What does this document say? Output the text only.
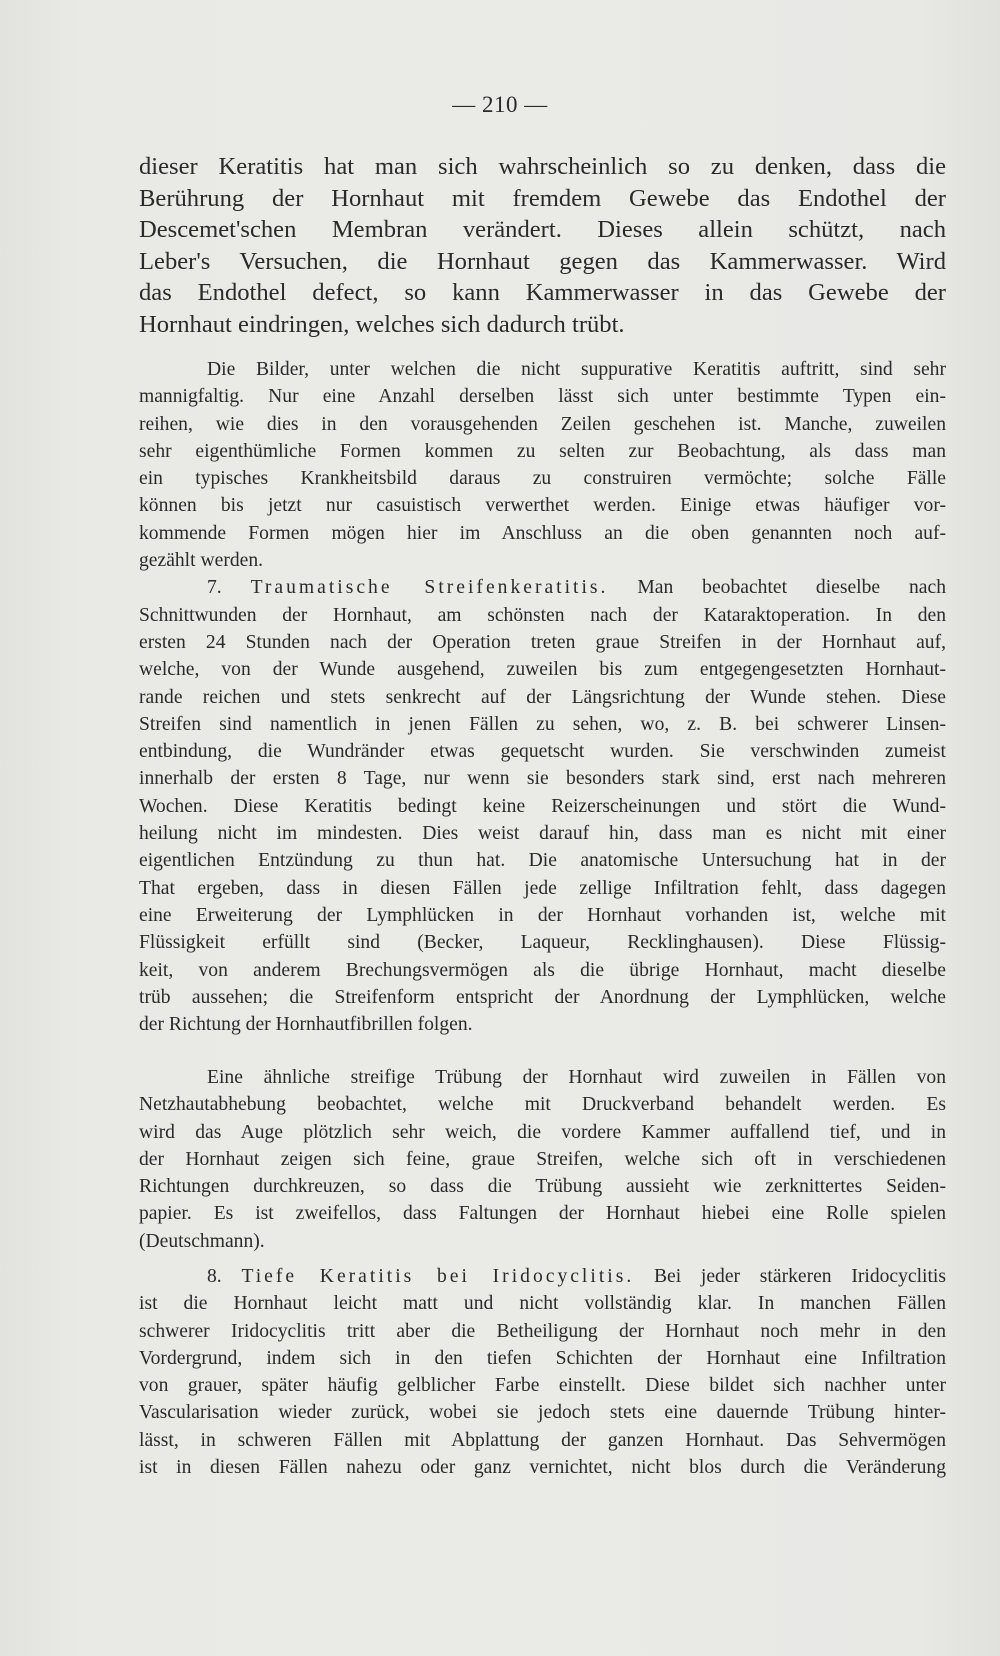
— 210 —

dieser Keratitis hat man sich wahrscheinlich so zu denken, dass die

Berührung der Hornhaut mit fremdem Gewebe das Endothel der

Descemet'schen Membran verändert. Dieses allein schützt, nach

Leber's Versuchen, die Hornhaut gegen das Kammerwasser. Wird

das Endothel defect, so kann Kammerwasser in das Gewebe der

Hornhaut eindringen, welches sich dadurch trübt.

Die Bilder, unter welchen die nicht suppurative Keratitis auftritt, sind sehr

mannigfaltig. Nur eine Anzahl derselben lässt sich unter bestimmte Typen ein-

reihen, wie dies in den vorausgehenden Zeilen geschehen ist. Manche, zuweilen

sehr eigenthümliche Formen kommen zu selten zur Beobachtung, als dass man

ein typisches Krankheitsbild daraus zu construiren vermöchte; solche Fälle

können bis jetzt nur casuistisch verwerthet werden. Einige etwas häufiger vor-

kommende Formen mögen hier im Anschluss an die oben genannten noch auf-

gezählt werden.

7. Traumatische Streifenkeratitis. Man beobachtet dieselbe nach

Schnittwunden der Hornhaut, am schönsten nach der Kataraktoperation. In den

ersten 24 Stunden nach der Operation treten graue Streifen in der Hornhaut auf,

welche, von der Wunde ausgehend, zuweilen bis zum entgegengesetzten Hornhaut-

rande reichen und stets senkrecht auf der Längsrichtung der Wunde stehen. Diese

Streifen sind namentlich in jenen Fällen zu sehen, wo, z. B. bei schwerer Linsen-

entbindung, die Wundränder etwas gequetscht wurden. Sie verschwinden zumeist

innerhalb der ersten 8 Tage, nur wenn sie besonders stark sind, erst nach mehreren

Wochen. Diese Keratitis bedingt keine Reizerscheinungen und stört die Wund-

heilung nicht im mindesten. Dies weist darauf hin, dass man es nicht mit einer

eigentlichen Entzündung zu thun hat. Die anatomische Untersuchung hat in der

That ergeben, dass in diesen Fällen jede zellige Infiltration fehlt, dass dagegen

eine Erweiterung der Lymphlücken in der Hornhaut vorhanden ist, welche mit

Flüssigkeit erfüllt sind (Becker, Laqueur, Recklinghausen). Diese Flüssig-

keit, von anderem Brechungsvermögen als die übrige Hornhaut, macht dieselbe

trüb aussehen; die Streifenform entspricht der Anordnung der Lymphlücken, welche

der Richtung der Hornhautfibrillen folgen.

Eine ähnliche streifige Trübung der Hornhaut wird zuweilen in Fällen von

Netzhautabhebung beobachtet, welche mit Druckverband behandelt werden. Es

wird das Auge plötzlich sehr weich, die vordere Kammer auffallend tief, und in

der Hornhaut zeigen sich feine, graue Streifen, welche sich oft in verschiedenen

Richtungen durchkreuzen, so dass die Trübung aussieht wie zerknittertes Seiden-

papier. Es ist zweifellos, dass Faltungen der Hornhaut hiebei eine Rolle spielen

(Deutschmann).

8. Tiefe Keratitis bei Iridocyclitis. Bei jeder stärkeren Iridocyclitis

ist die Hornhaut leicht matt und nicht vollständig klar. In manchen Fällen

schwerer Iridocyclitis tritt aber die Betheiligung der Hornhaut noch mehr in den

Vordergrund, indem sich in den tiefen Schichten der Hornhaut eine Infiltration

von grauer, später häufig gelblicher Farbe einstellt. Diese bildet sich nachher unter

Vascularisation wieder zurück, wobei sie jedoch stets eine dauernde Trübung hinter-

lässt, in schweren Fällen mit Abplattung der ganzen Hornhaut. Das Sehvermögen

ist in diesen Fällen nahezu oder ganz vernichtet, nicht blos durch die Veränderung
